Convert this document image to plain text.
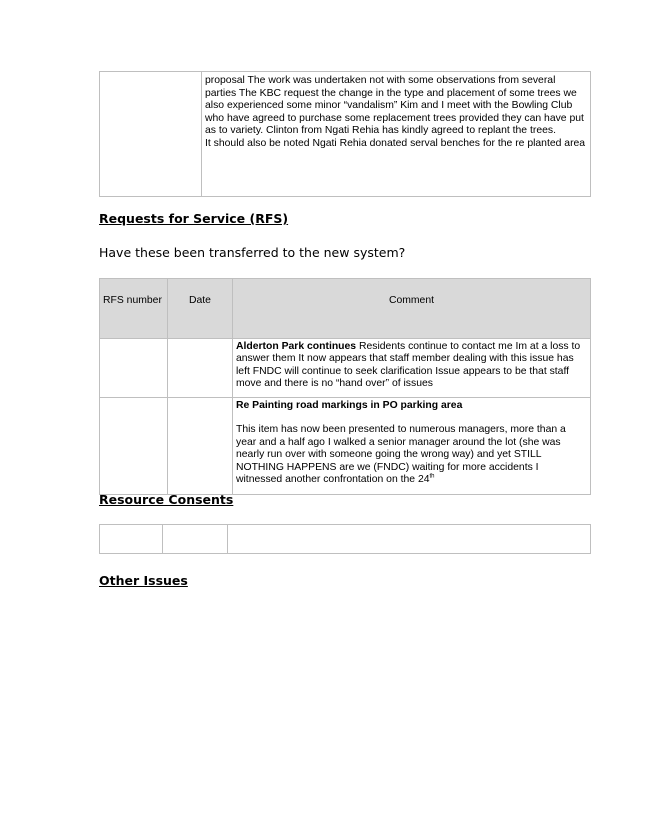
proposal The work was undertaken not with some observations from several parties The KBC request the change in the type and placement of some trees we also experienced some minor “vandalism” Kim and I meet with the Bowling Club who have agreed to purchase some replacement trees provided they can have put as to variety. Clinton from Ngati Rehia has kindly agreed to replant the trees.

It should also be noted Ngati Rehia donated serval benches for the re planted area

Requests for Service (RFS)

Have these been transferred to the new system?

RFS number	Date	Comment

		Alderton Park continues Residents continue to contact me Im at a loss to answer them It now appears that staff member dealing with this issue has left FNDC will continue to seek clarification Issue appears to be that staff move and there is no “hand over” of issues

		Re Painting road markings in PO parking area

This item has now been presented to numerous managers, more than a year and a half ago I walked a senior manager around the lot (she was nearly run over with someone going the wrong way) and yet STILL NOTHING HAPPENS are we (FNDC) waiting for more accidents I witnessed another confrontation on the 24th

Resource Consents

Other Issues
